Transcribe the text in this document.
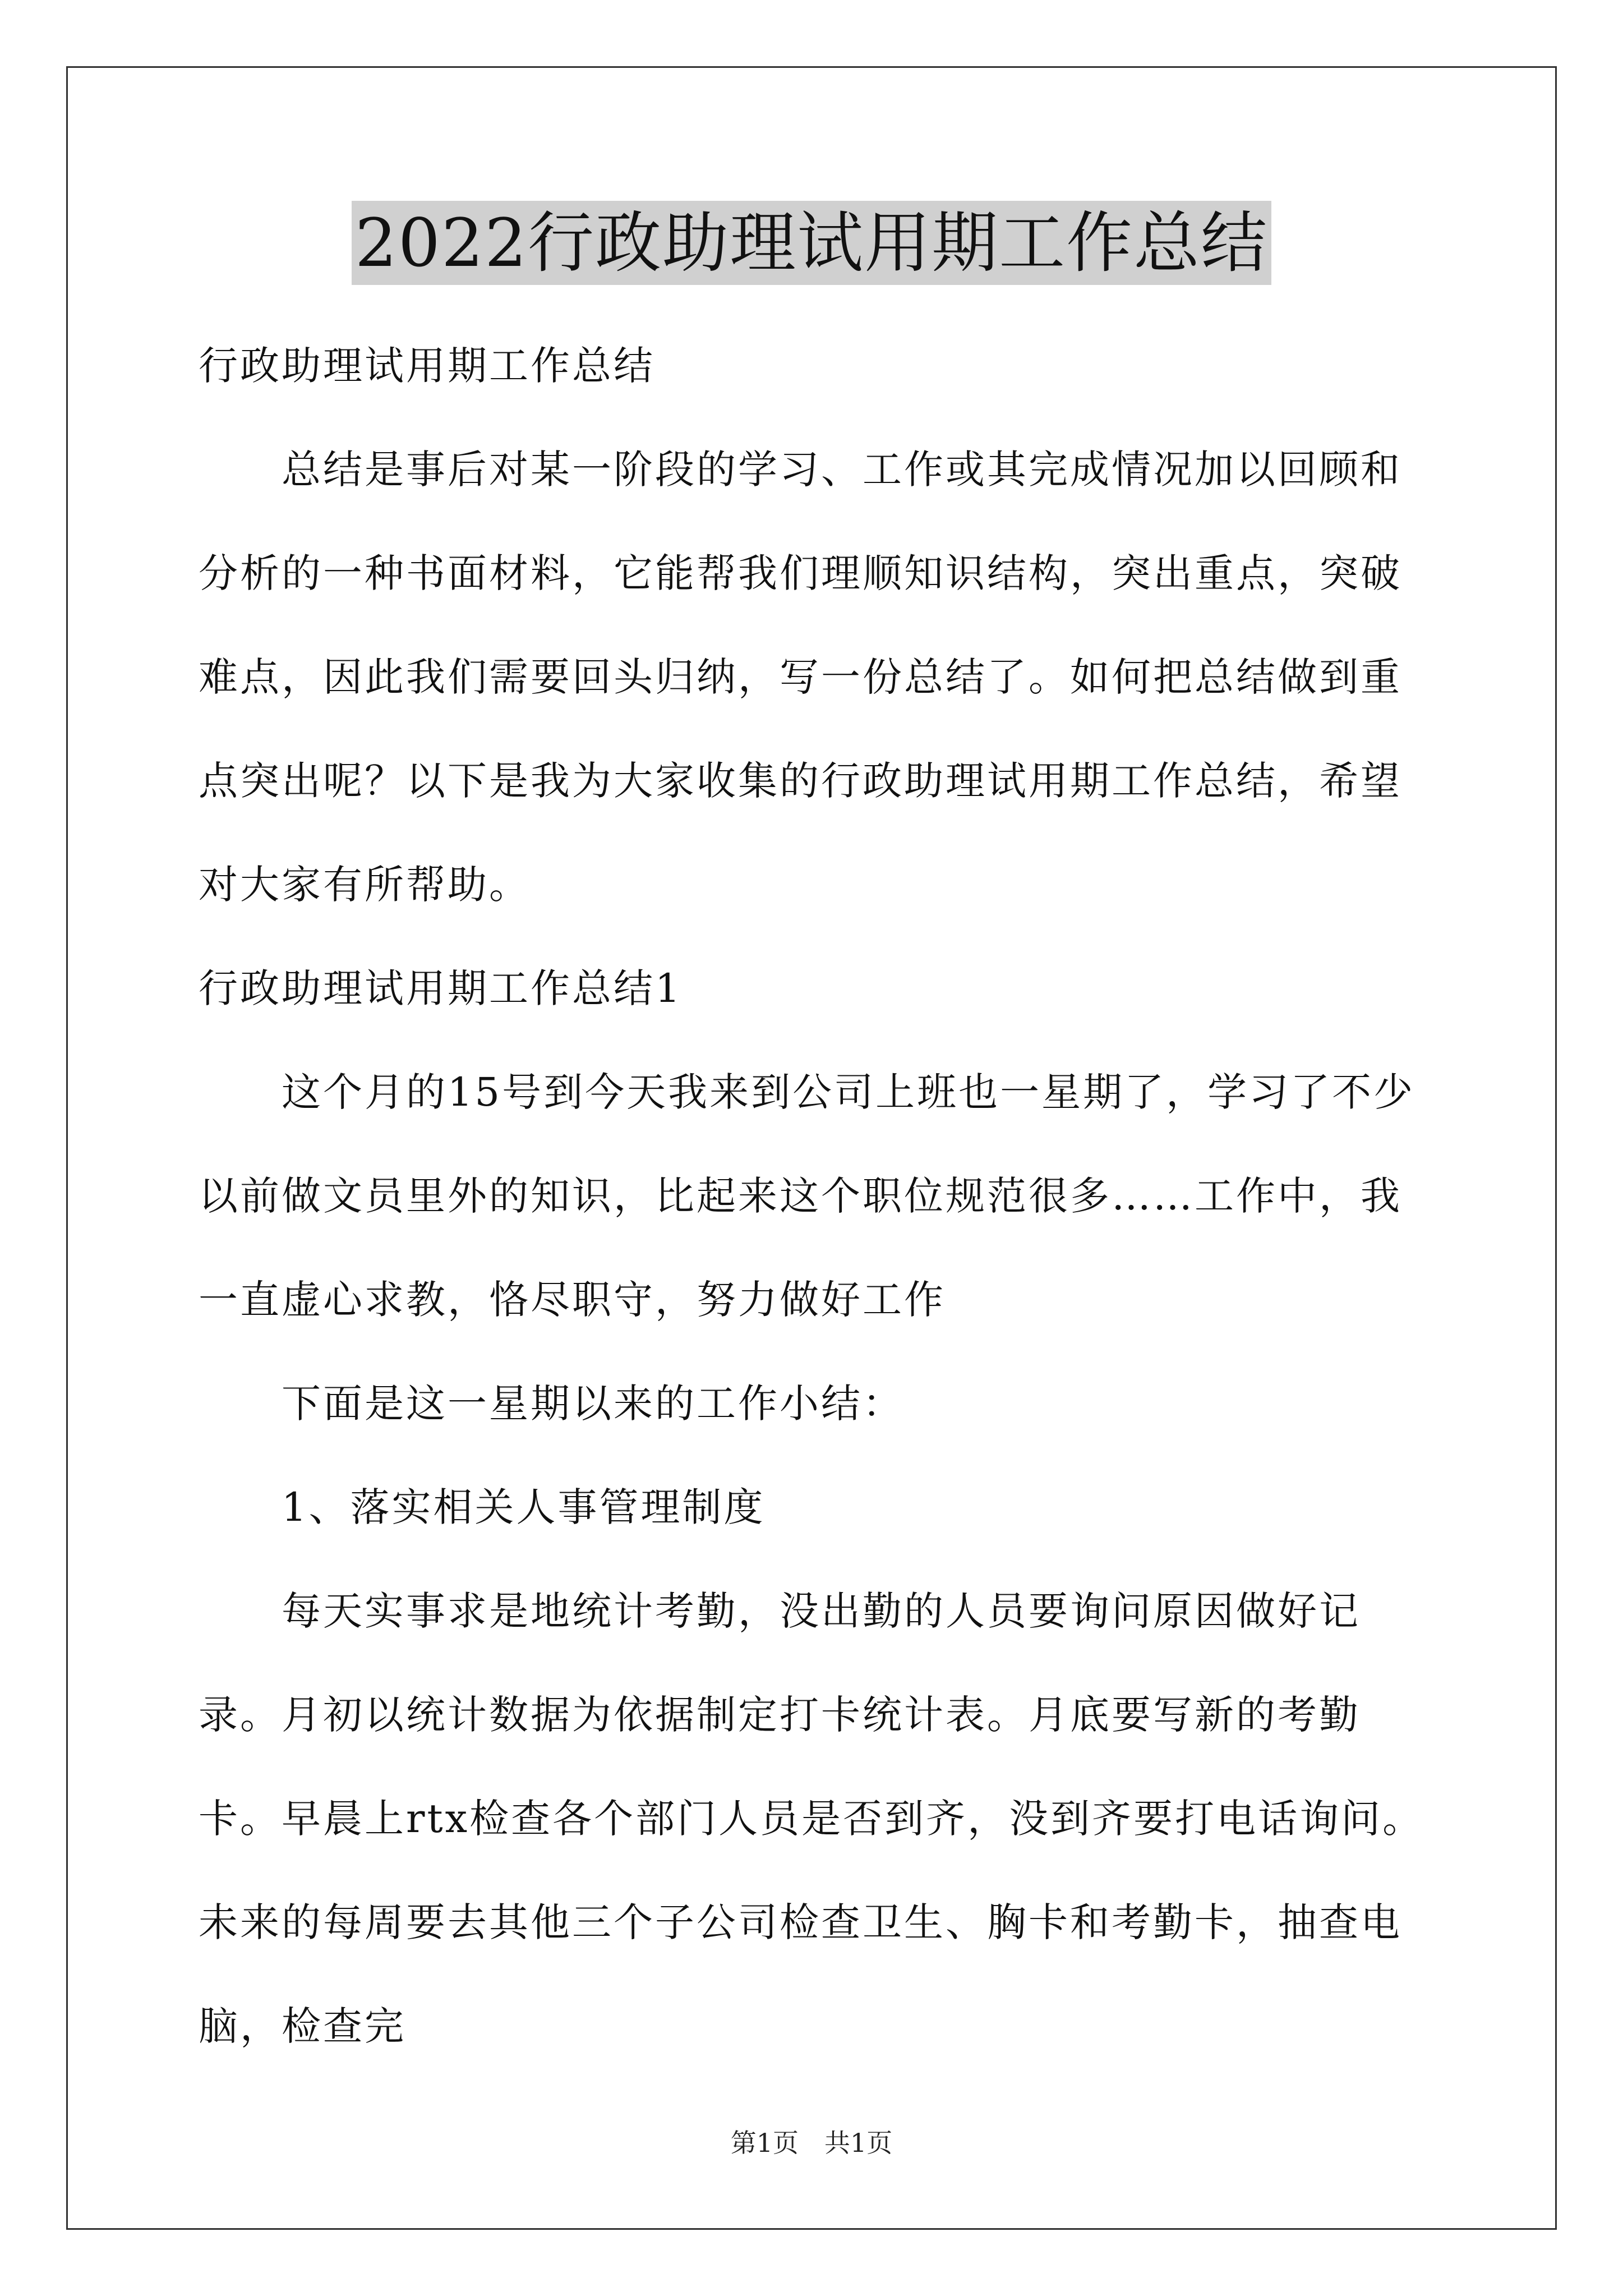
2022行政助理试用期工作总结

行政助理试用期工作总结

总结是事后对某一阶段的学习、工作或其完成情况加以回顾和分析的一种书面材料，它能帮我们理顺知识结构，突出重点，突破难点，因此我们需要回头归纳，写一份总结了。如何把总结做到重点突出呢？以下是我为大家收集的行政助理试用期工作总结，希望对大家有所帮助。

行政助理试用期工作总结1

这个月的15号到今天我来到公司上班也一星期了，学习了不少以前做文员里外的知识，比起来这个职位规范很多……工作中，我一直虚心求教，恪尽职守，努力做好工作

下面是这一星期以来的工作小结：

1、落实相关人事管理制度

每天实事求是地统计考勤，没出勤的人员要询问原因做好记录。月初以统计数据为依据制定打卡统计表。月底要写新的考勤卡。早晨上rtx检查各个部门人员是否到齐，没到齐要打电话询问。未来的每周要去其他三个子公司检查卫生、胸卡和考勤卡，抽查电脑，检查完

第1页　共1页
